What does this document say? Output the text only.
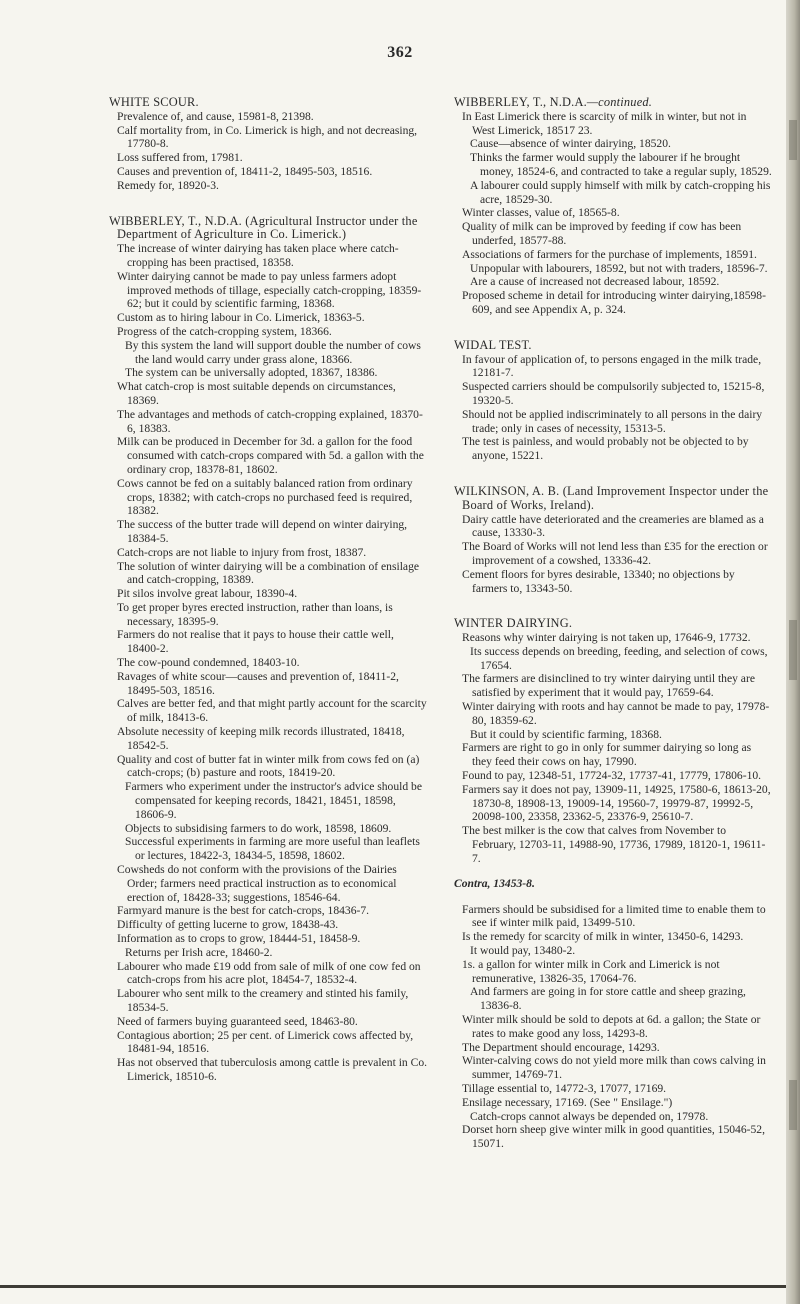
362

WHITE SCOUR.

Prevalence of, and cause, 15981-8, 21398.

Calf mortality from, in Co. Limerick is high, and not decreasing, 17780-8.

Loss suffered from, 17981.

Causes and prevention of, 18411-2, 18495-503, 18516.

Remedy for, 18920-3.

WIBBERLEY, T., N.D.A. (Agricultural Instructor under the Department of Agriculture in Co. Limerick.)

The increase of winter dairying has taken place where catch-cropping has been practised, 18358.

Winter dairying cannot be made to pay unless farmers adopt improved methods of tillage, especially catch-cropping, 18359-62; but it could by scientific farming, 18368.

Custom as to hiring labour in Co. Limerick, 18363-5.

Progress of the catch-cropping system, 18366.

By this system the land will support double the number of cows the land would carry under grass alone, 18366.

The system can be universally adopted, 18367, 18386.

What catch-crop is most suitable depends on circumstances, 18369.

The advantages and methods of catch-cropping explained, 18370-6, 18383.

Milk can be produced in December for 3d. a gallon for the food consumed with catch-crops compared with 5d. a gallon with the ordinary crop, 18378-81, 18602.

Cows cannot be fed on a suitably balanced ration from ordinary crops, 18382; with catch-crops no purchased feed is required, 18382.

The success of the butter trade will depend on winter dairying, 18384-5.

Catch-crops are not liable to injury from frost, 18387.

The solution of winter dairying will be a combination of ensilage and catch-cropping, 18389.

Pit silos involve great labour, 18390-4.

To get proper byres erected instruction, rather than loans, is necessary, 18395-9.

Farmers do not realise that it pays to house their cattle well, 18400-2.

The cow-pound condemned, 18403-10.

Ravages of white scour—causes and prevention of, 18411-2, 18495-503, 18516.

Calves are better fed, and that might partly account for the scarcity of milk, 18413-6.

Absolute necessity of keeping milk records illustrated, 18418, 18542-5.

Quality and cost of butter fat in winter milk from cows fed on (a) catch-crops; (b) pasture and roots, 18419-20.

Farmers who experiment under the instructor's advice should be compensated for keeping records, 18421, 18451, 18598, 18606-9.

Objects to subsidising farmers to do work, 18598, 18609.

Successful experiments in farming are more useful than leaflets or lectures, 18422-3, 18434-5, 18598, 18602.

Cowsheds do not conform with the provisions of the Dairies Order; farmers need practical instruction as to economical erection of, 18428-33; suggestions, 18546-64.

Farmyard manure is the best for catch-crops, 18436-7.

Difficulty of getting lucerne to grow, 18438-43.

Information as to crops to grow, 18444-51, 18458-9.

Returns per Irish acre, 18460-2.

Labourer who made £19 odd from sale of milk of one cow fed on catch-crops from his acre plot, 18454-7, 18532-4.

Labourer who sent milk to the creamery and stinted his family, 18534-5.

Need of farmers buying guaranteed seed, 18463-80.

Contagious abortion; 25 per cent. of Limerick cows affected by, 18481-94, 18516.

Has not observed that tuberculosis among cattle is prevalent in Co. Limerick, 18510-6.

WIBBERLEY, T., N.D.A.—continued.

In East Limerick there is scarcity of milk in winter, but not in West Limerick, 18517 23.

Cause—absence of winter dairying, 18520.

Thinks the farmer would supply the labourer if he brought money, 18524-6, and contracted to take a regular suply, 18529.

A labourer could supply himself with milk by catch-cropping his acre, 18529-30.

Winter classes, value of, 18565-8.

Quality of milk can be improved by feeding if cow has been underfed, 18577-88.

Associations of farmers for the purchase of implements, 18591.

Unpopular with labourers, 18592, but not with traders, 18596-7.

Are a cause of increased not decreased labour, 18592.

Proposed scheme in detail for introducing winter dairying,18598-609, and see Appendix A, p. 324.

WIDAL TEST.

In favour of application of, to persons engaged in the milk trade, 12181-7.

Suspected carriers should be compulsorily subjected to, 15215-8, 19320-5.

Should not be applied indiscriminately to all persons in the dairy trade; only in cases of necessity, 15313-5.

The test is painless, and would probably not be objected to by anyone, 15221.

WILKINSON, A. B. (Land Improvement Inspector under the Board of Works, Ireland).

Dairy cattle have deteriorated and the creameries are blamed as a cause, 13330-3.

The Board of Works will not lend less than £35 for the erection or improvement of a cowshed, 13336-42.

Cement floors for byres desirable, 13340; no objections by farmers to, 13343-50.

WINTER DAIRYING.

Reasons why winter dairying is not taken up, 17646-9, 17732.

Its success depends on breeding, feeding, and selection of cows, 17654.

The farmers are disinclined to try winter dairying until they are satisfied by experiment that it would pay, 17659-64.

Winter dairying with roots and hay cannot be made to pay, 17978-80, 18359-62.

But it could by scientific farming, 18368.

Farmers are right to go in only for summer dairying so long as they feed their cows on hay, 17990.

Found to pay, 12348-51, 17724-32, 17737-41, 17779, 17806-10.

Farmers say it does not pay, 13909-11, 14925, 17580-6, 18613-20, 18730-8, 18908-13, 19009-14, 19560-7, 19979-87, 19992-5, 20098-100, 23358, 23362-5, 23376-9, 25610-7.

The best milker is the cow that calves from November to February, 12703-11, 14988-90, 17736, 17989, 18120-1, 19611-7.

Contra, 13453-8.

Farmers should be subsidised for a limited time to enable them to see if winter milk paid, 13499-510.

Is the remedy for scarcity of milk in winter, 13450-6, 14293.

It would pay, 13480-2.

1s. a gallon for winter milk in Cork and Limerick is not remunerative, 13826-35, 17064-76.

And farmers are going in for store cattle and sheep grazing, 13836-8.

Winter milk should be sold to depots at 6d. a gallon; the State or rates to make good any loss, 14293-8.

The Department should encourage, 14293.

Winter-calving cows do not yield more milk than cows calving in summer, 14769-71.

Tillage essential to, 14772-3, 17077, 17169.

Ensilage necessary, 17169. (See " Ensilage.")

Catch-crops cannot always be depended on, 17978.

Dorset horn sheep give winter milk in good quantities, 15046-52, 15071.
